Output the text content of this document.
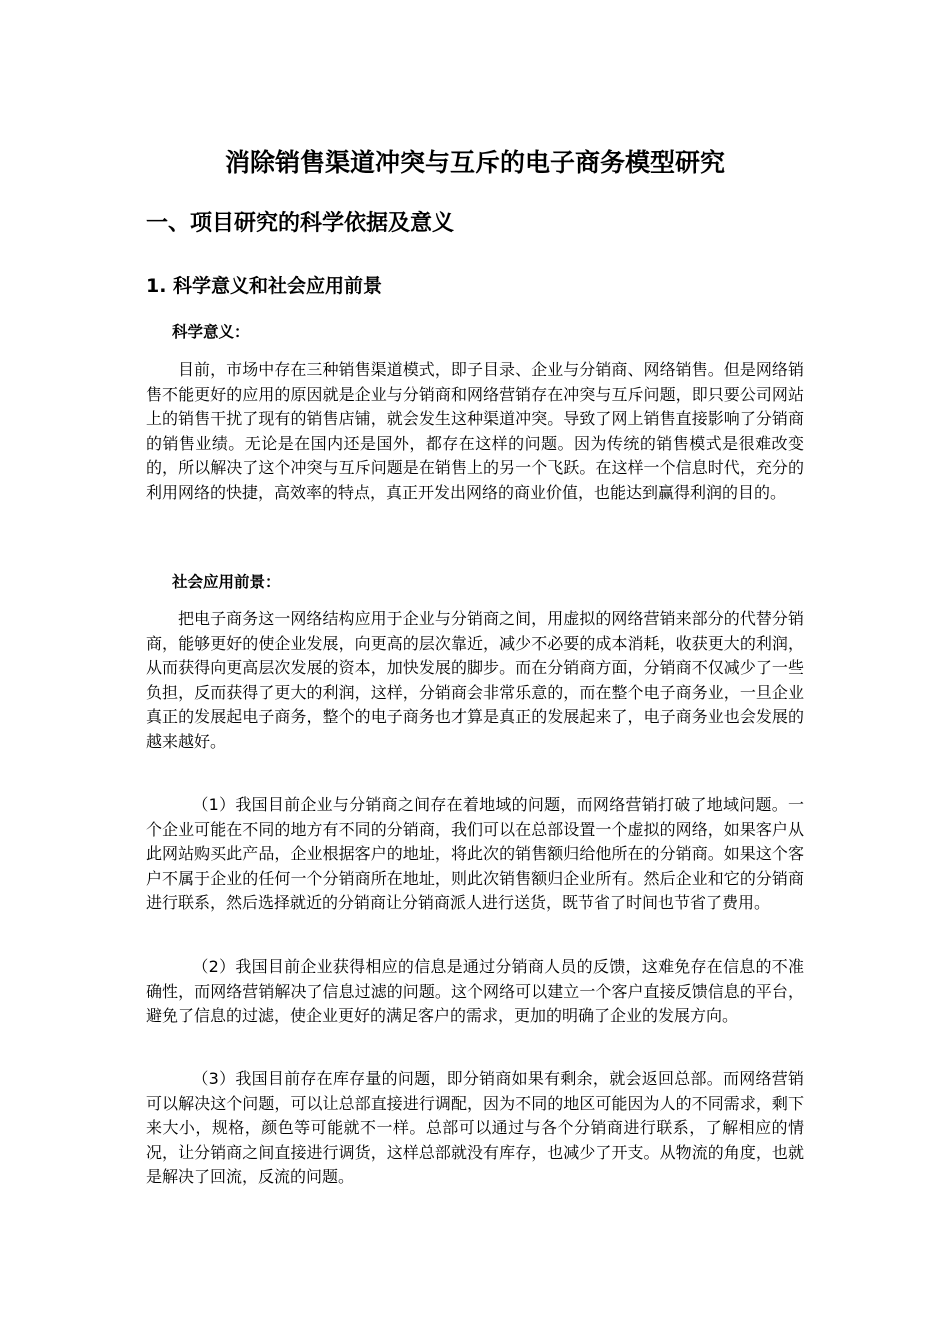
消除销售渠道冲突与互斥的电子商务模型研究
一、项目研究的科学依据及意义
1. 科学意义和社会应用前景

科学意义：

目前，市场中存在三种销售渠道模式，即子目录、企业与分销商、网络销售。但是网络销售不能更好的应用的原因就是企业与分销商和网络营销存在冲突与互斥问题，即只要公司网站上的销售干扰了现有的销售店铺，就会发生这种渠道冲突。导致了网上销售直接影响了分销商的销售业绩。无论是在国内还是国外，都存在这样的问题。因为传统的销售模式是很难改变的，所以解决了这个冲突与互斥问题是在销售上的另一个飞跃。在这样一个信息时代，充分的利用网络的快捷，高效率的特点，真正开发出网络的商业价值，也能达到赢得利润的目的。

社会应用前景：

把电子商务这一网络结构应用于企业与分销商之间，用虚拟的网络营销来部分的代替分销商，能够更好的使企业发展，向更高的层次靠近，减少不必要的成本消耗，收获更大的利润，从而获得向更高层次发展的资本，加快发展的脚步。而在分销商方面，分销商不仅减少了一些负担，反而获得了更大的利润，这样，分销商会非常乐意的，而在整个电子商务业，一旦企业真正的发展起电子商务，整个的电子商务也才算是真正的发展起来了，电子商务业也会发展的越来越好。

（1）我国目前企业与分销商之间存在着地域的问题，而网络营销打破了地域问题。一个企业可能在不同的地方有不同的分销商，我们可以在总部设置一个虚拟的网络，如果客户从此网站购买此产品，企业根据客户的地址，将此次的销售额归给他所在的分销商。如果这个客户不属于企业的任何一个分销商所在地址，则此次销售额归企业所有。然后企业和它的分销商进行联系，然后选择就近的分销商让分销商派人进行送货，既节省了时间也节省了费用。

（2）我国目前企业获得相应的信息是通过分销商人员的反馈，这难免存在信息的不准确性，而网络营销解决了信息过滤的问题。这个网络可以建立一个客户直接反馈信息的平台，避免了信息的过滤，使企业更好的满足客户的需求，更加的明确了企业的发展方向。

（3）我国目前存在库存量的问题，即分销商如果有剩余，就会返回总部。而网络营销可以解决这个问题，可以让总部直接进行调配，因为不同的地区可能因为人的不同需求，剩下来大小，规格，颜色等可能就不一样。总部可以通过与各个分销商进行联系，了解相应的情况，让分销商之间直接进行调货，这样总部就没有库存，也减少了开支。从物流的角度，也就是解决了回流，反流的问题。
